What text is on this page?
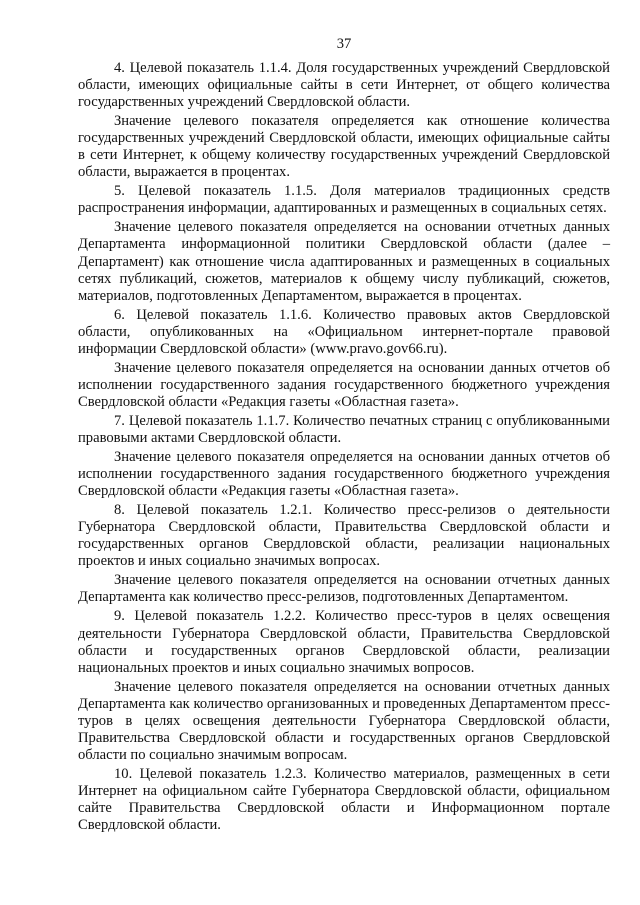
37

4. Целевой показатель 1.1.4. Доля государственных учреждений Свердловской области, имеющих официальные сайты в сети Интернет, от общего количества государственных учреждений Свердловской области.

Значение целевого показателя определяется как отношение количества государственных учреждений Свердловской области, имеющих официальные сайты в сети Интернет, к общему количеству государственных учреждений Свердловской области, выражается в процентах.

5. Целевой показатель 1.1.5. Доля материалов традиционных средств распространения информации, адаптированных и размещенных в социальных сетях.

Значение целевого показателя определяется на основании отчетных данных Департамента информационной политики Свердловской области (далее – Департамент) как отношение числа адаптированных и размещенных в социальных сетях публикаций, сюжетов, материалов к общему числу публикаций, сюжетов, материалов, подготовленных Департаментом, выражается в процентах.

6. Целевой показатель 1.1.6. Количество правовых актов Свердловской области, опубликованных на «Официальном интернет-портале правовой информации Свердловской области» (www.pravo.gov66.ru).

Значение целевого показателя определяется на основании данных отчетов об исполнении государственного задания государственного бюджетного учреждения Свердловской области «Редакция газеты «Областная газета».

7. Целевой показатель 1.1.7. Количество печатных страниц с опубликованными правовыми актами Свердловской области.

Значение целевого показателя определяется на основании данных отчетов об исполнении государственного задания государственного бюджетного учреждения Свердловской области «Редакция газеты «Областная газета».

8. Целевой показатель 1.2.1. Количество пресс-релизов о деятельности Губернатора Свердловской области, Правительства Свердловской области и государственных органов Свердловской области, реализации национальных проектов и иных социально значимых вопросах.

Значение целевого показателя определяется на основании отчетных данных Департамента как количество пресс-релизов, подготовленных Департаментом.

9. Целевой показатель 1.2.2. Количество пресс-туров в целях освещения деятельности Губернатора Свердловской области, Правительства Свердловской области и государственных органов Свердловской области, реализации национальных проектов и иных социально значимых вопросов.

Значение целевого показателя определяется на основании отчетных данных Департамента как количество организованных и проведенных Департаментом пресс-туров в целях освещения деятельности Губернатора Свердловской области, Правительства Свердловской области и государственных органов Свердловской области по социально значимым вопросам.

10. Целевой показатель 1.2.3. Количество материалов, размещенных в сети Интернет на официальном сайте Губернатора Свердловской области, официальном сайте Правительства Свердловской области и Информационном портале Свердловской области.
